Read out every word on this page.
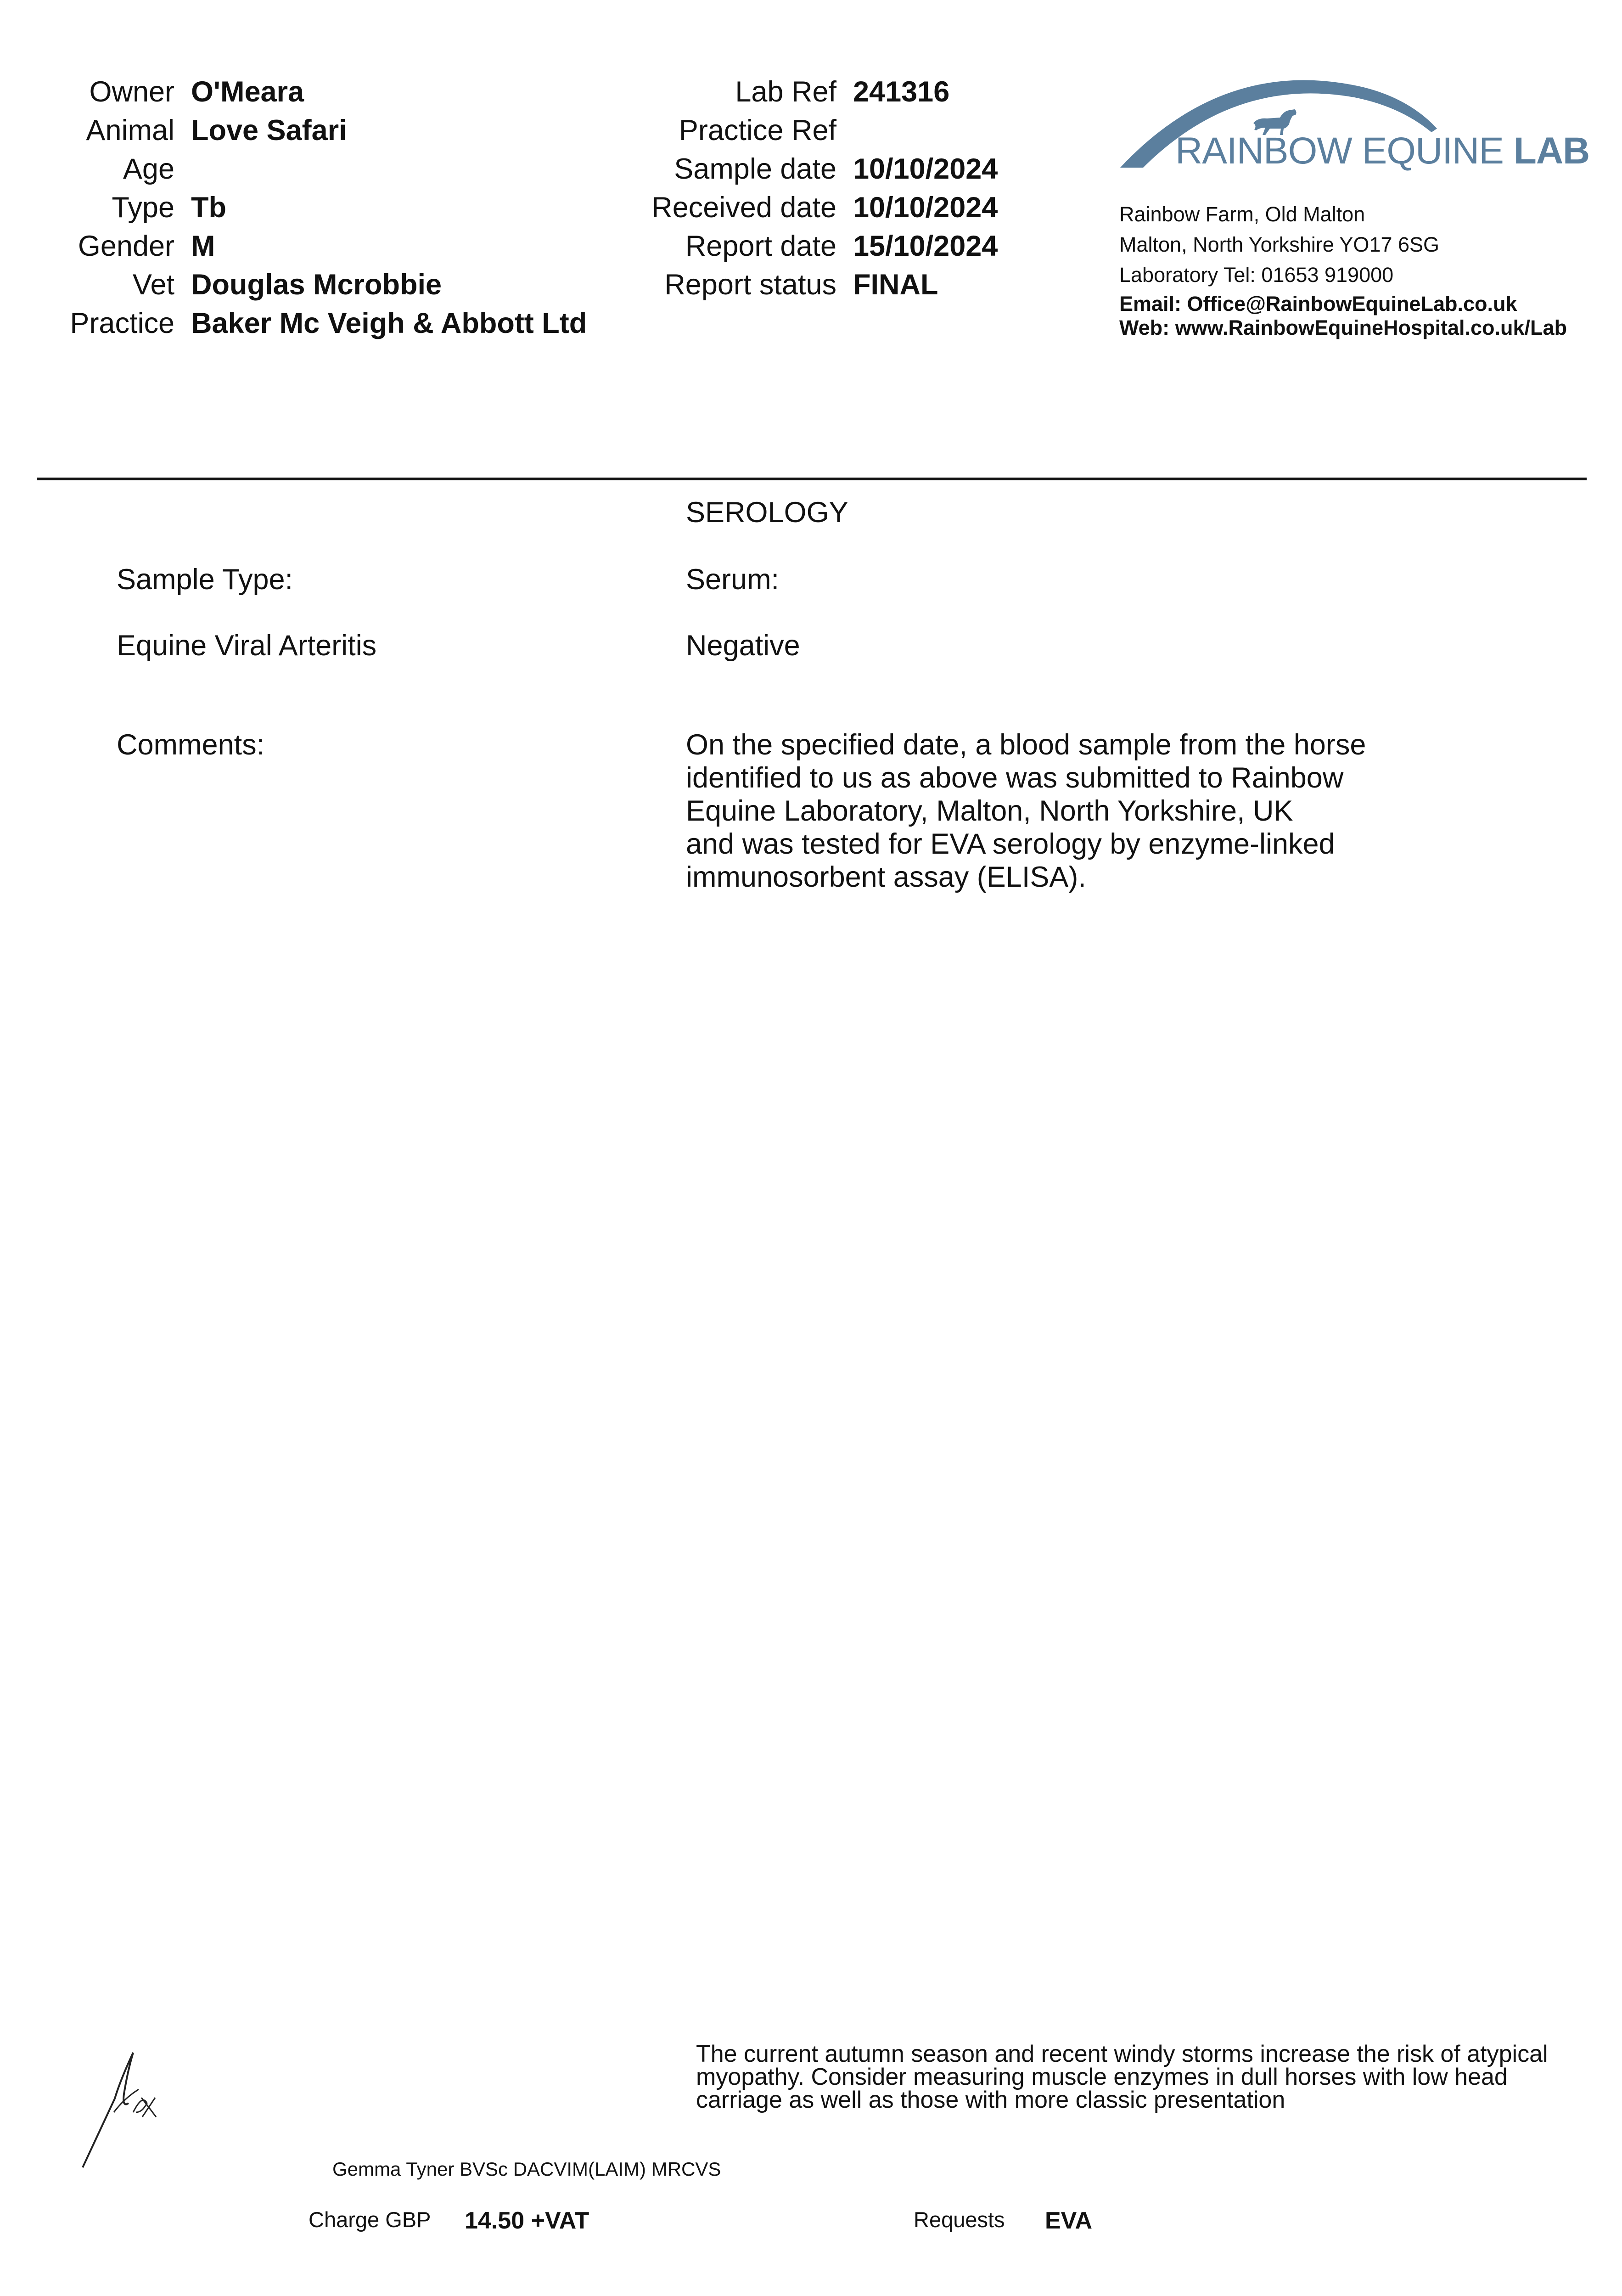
Owner O'Meara
Animal Love Safari
Age
Type Tb
Gender M
Vet Douglas Mcrobbie
Practice Baker Mc Veigh & Abbott Ltd
Lab Ref 241316
Practice Ref
Sample date 10/10/2024
Received date 10/10/2024
Report date 15/10/2024
Report status FINAL
RAINBOW EQUINE LAB
Rainbow Farm, Old Malton
Malton, North Yorkshire YO17 6SG
Laboratory Tel: 01653 919000
Email: Office@RainbowEquineLab.co.uk
Web: www.RainbowEquineHospital.co.uk/Lab
SEROLOGY
Sample Type:	Serum:
Equine Viral Arteritis	Negative
Comments:	On the specified date, a blood sample from the horse
identified to us as above was submitted to Rainbow
Equine Laboratory, Malton, North Yorkshire, UK
and was tested for EVA serology by enzyme-linked
immunosorbent assay (ELISA).
The current autumn season and recent windy storms increase the risk of atypical
myopathy. Consider measuring muscle enzymes in dull horses with low head
carriage as well as those with more classic presentation
Gemma Tyner BVSc DACVIM(LAIM) MRCVS
Charge GBP 14.50 +VAT	Requests EVA
